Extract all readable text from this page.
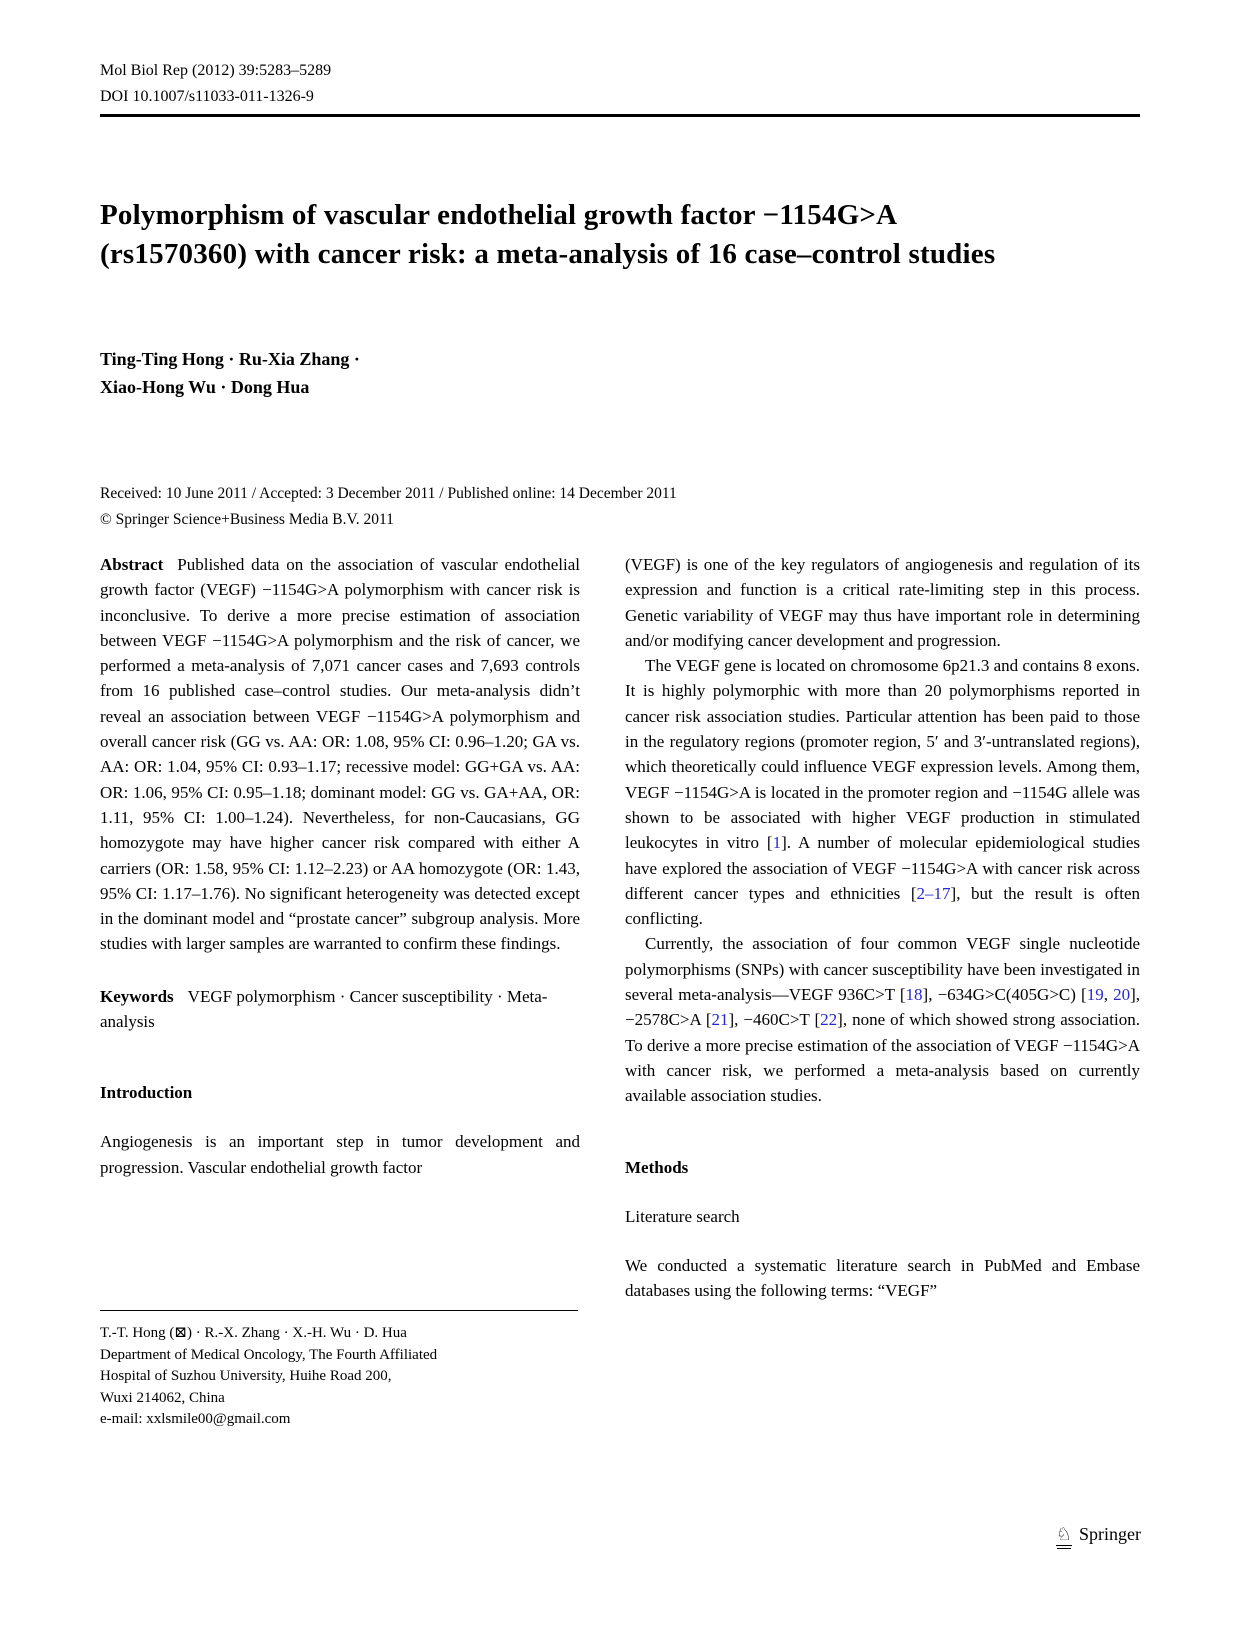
Mol Biol Rep (2012) 39:5283–5289
DOI 10.1007/s11033-011-1326-9
Polymorphism of vascular endothelial growth factor −1154G>A (rs1570360) with cancer risk: a meta-analysis of 16 case–control studies
Ting-Ting Hong · Ru-Xia Zhang ·
Xiao-Hong Wu · Dong Hua
Received: 10 June 2011 / Accepted: 3 December 2011 / Published online: 14 December 2011
© Springer Science+Business Media B.V. 2011

Abstract Published data on the association of vascular endothelial growth factor (VEGF) −1154G>A polymorphism with cancer risk is inconclusive. To derive a more precise estimation of association between VEGF −1154G>A polymorphism and the risk of cancer, we performed a meta-analysis of 7,071 cancer cases and 7,693 controls from 16 published case–control studies. Our meta-analysis didn’t reveal an association between VEGF −1154G>A polymorphism and overall cancer risk (GG vs. AA: OR: 1.08, 95% CI: 0.96–1.20; GA vs. AA: OR: 1.04, 95% CI: 0.93–1.17; recessive model: GG+GA vs. AA: OR: 1.06, 95% CI: 0.95–1.18; dominant model: GG vs. GA+AA, OR: 1.11, 95% CI: 1.00–1.24). Nevertheless, for non-Caucasians, GG homozygote may have higher cancer risk compared with either A carriers (OR: 1.58, 95% CI: 1.12–2.23) or AA homozygote (OR: 1.43, 95% CI: 1.17–1.76). No significant heterogeneity was detected except in the dominant model and “prostate cancer” subgroup analysis. More studies with larger samples are warranted to confirm these findings.

Keywords VEGF polymorphism · Cancer susceptibility · Meta-analysis

Introduction

Angiogenesis is an important step in tumor development and progression. Vascular endothelial growth factor

(VEGF) is one of the key regulators of angiogenesis and regulation of its expression and function is a critical rate-limiting step in this process. Genetic variability of VEGF may thus have important role in determining and/or modifying cancer development and progression.

The VEGF gene is located on chromosome 6p21.3 and contains 8 exons. It is highly polymorphic with more than 20 polymorphisms reported in cancer risk association studies. Particular attention has been paid to those in the regulatory regions (promoter region, 5′ and 3′-untranslated regions), which theoretically could influence VEGF expression levels. Among them, VEGF −1154G>A is located in the promoter region and −1154G allele was shown to be associated with higher VEGF production in stimulated leukocytes in vitro [1]. A number of molecular epidemiological studies have explored the association of VEGF −1154G>A with cancer risk across different cancer types and ethnicities [2–17], but the result is often conflicting.

Currently, the association of four common VEGF single nucleotide polymorphisms (SNPs) with cancer susceptibility have been investigated in several meta-analysis—VEGF 936C>T [18], −634G>C(405G>C) [19, 20], −2578C>A [21], −460C>T [22], none of which showed strong association. To derive a more precise estimation of the association of VEGF −1154G>A with cancer risk, we performed a meta-analysis based on currently available association studies.

Methods
Literature search

We conducted a systematic literature search in PubMed and Embase databases using the following terms: “VEGF”

T.-T. Hong (⊠) · R.-X. Zhang · X.-H. Wu · D. Hua
Department of Medical Oncology, The Fourth Affiliated
Hospital of Suzhou University, Huihe Road 200,
Wuxi 214062, China
e-mail: xxlsmile00@gmail.com
♘ Springer
